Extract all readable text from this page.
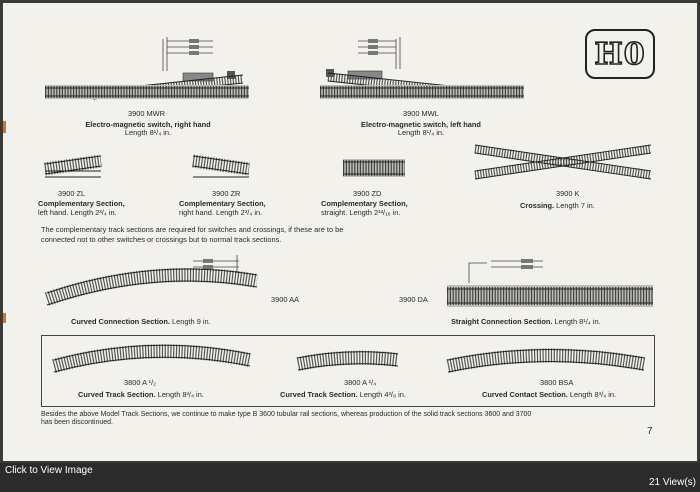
H0
3900 MWR
Electro-magnetic switch, right hand
Length 8¹/₄ in.
3900 MWL
Electro-magnetic switch, left hand
Length 8¹/₄ in.
3900 ZL
Complementary Section,
left hand. Length 2³/₄ in.
3900 ZR
Complementary Section,
right hand. Length 2³/₄ in.
3900 ZD
Complementary Section,
straight. Length 2¹³/₁₆ in.
3900 K
Crossing. Length 7 in.
The complementary track sections are required for switches and crossings, if these are to be
connected not to other switches or crossings but to normal track sections.
3900 AA
Curved Connection Section. Length 9 in.
3900 DA
Straight Connection Section. Length 8¹/₄ in.
3800 A ¹/₂
Curved Track Section. Length 8³/₄ in.
3800 A ¹/₄
Curved Track Section. Length 4³/₈ in.
3800 BSA
Curved Contact Section. Length 8³/₄ in.
Besides the above Model Track Sections, we continue to make type B 3600 tubular rail sections, whereas production of the solid track sections 3600 and 3700
has been discontinued.
7
Click to View Image
21 View(s)
